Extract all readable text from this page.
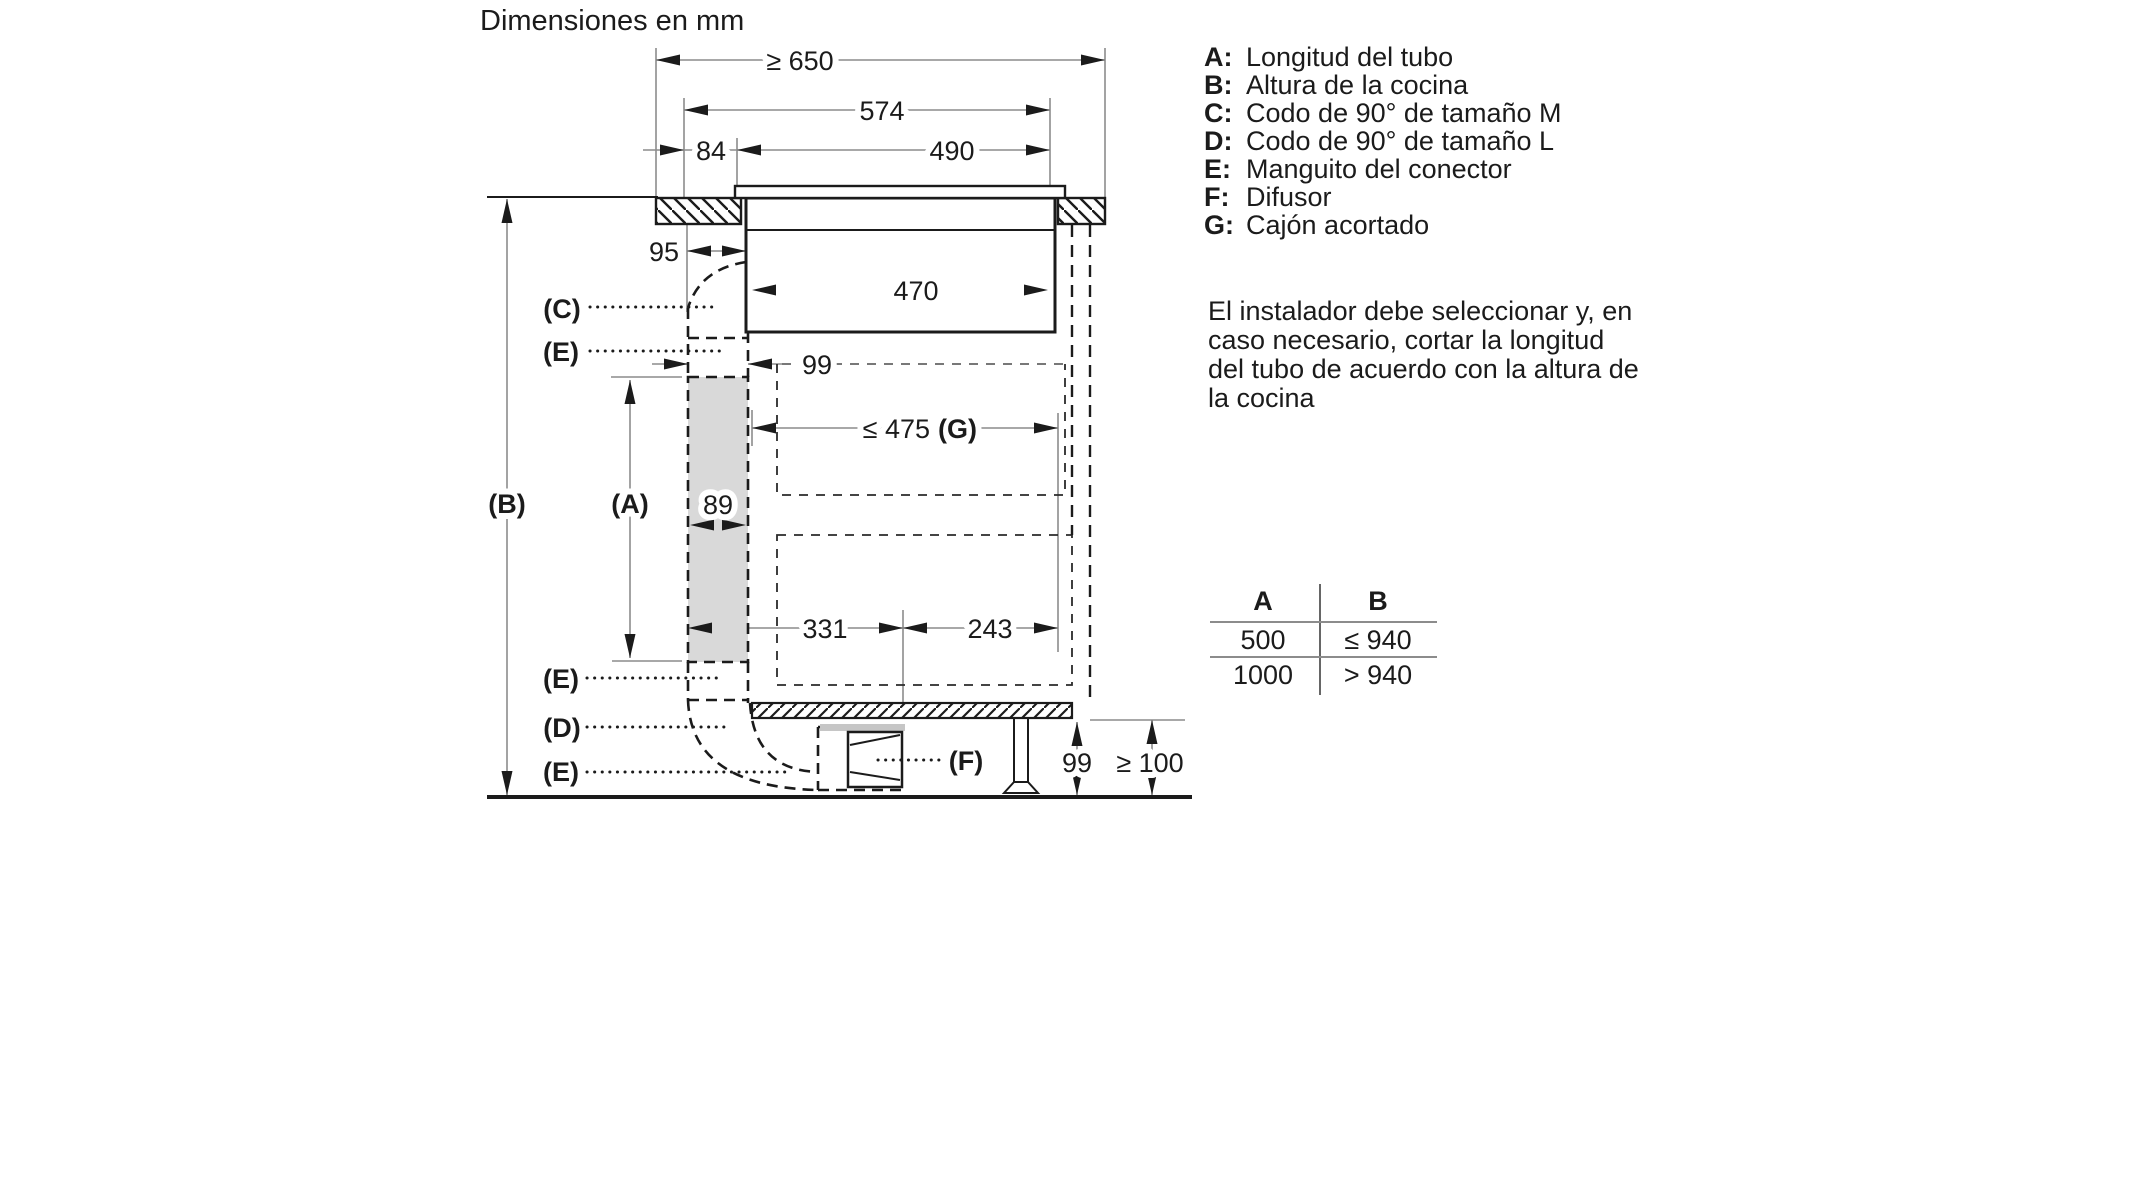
Dimensiones en mm
≥ 650
574
84	490
95
470
99
≤ 475 (G)
89
331	243
99 ≥ 100
(C)
(E)
(B)	(A)
(E)
(D)
(E)	(F)
A: Longitud del tubo
B: Altura de la cocina
C: Codo de 90° de tamaño M
D: Codo de 90° de tamaño L
E: Manguito del conector
F: Difusor
G: Cajón acortado
El instalador debe seleccionar y, en
caso necesario, cortar la longitud
del tubo de acuerdo con la altura de
la cocina
A	B
500 ≤ 940
1000 > 940
